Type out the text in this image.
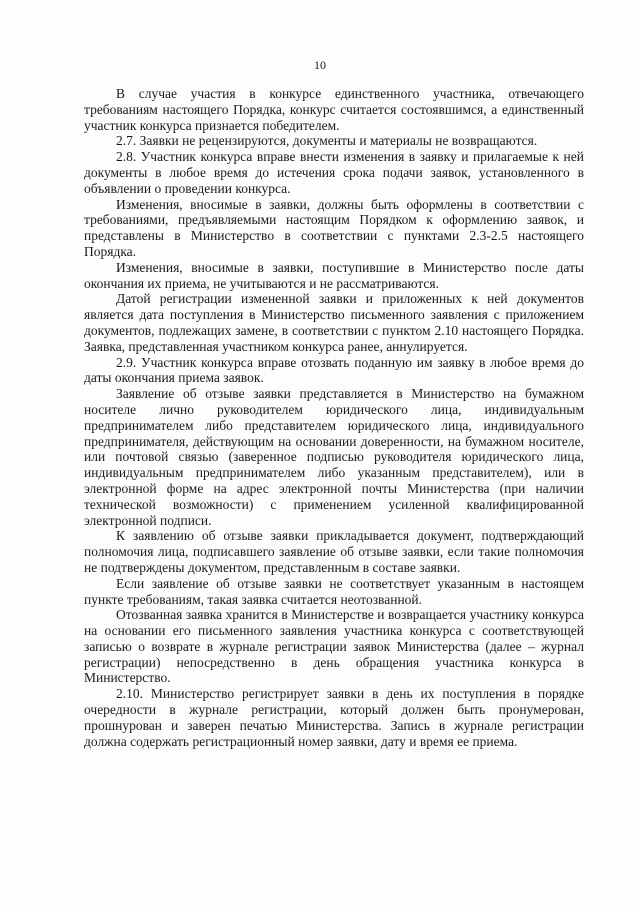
10

В случае участия в конкурсе единственного участника, отвечающего требованиям настоящего Порядка, конкурс считается состоявшимся, а единственный участник конкурса признается победителем.

2.7. Заявки не рецензируются, документы и материалы не возвращаются.

2.8. Участник конкурса вправе внести изменения в заявку и прилагаемые к ней документы в любое время до истечения срока подачи заявок, установленного в объявлении о проведении конкурса.

Изменения, вносимые в заявки, должны быть оформлены в соответствии с требованиями, предъявляемыми настоящим Порядком к оформлению заявок, и представлены в Министерство в соответствии с пунктами 2.3-2.5 настоящего Порядка.

Изменения, вносимые в заявки, поступившие в Министерство после даты окончания их приема, не учитываются и не рассматриваются.

Датой регистрации измененной заявки и приложенных к ней документов является дата поступления в Министерство письменного заявления с приложением документов, подлежащих замене, в соответствии с пунктом 2.10 настоящего Порядка. Заявка, представленная участником конкурса ранее, аннулируется.

2.9. Участник конкурса вправе отозвать поданную им заявку в любое время до даты окончания приема заявок.

Заявление об отзыве заявки представляется в Министерство на бумажном носителе лично руководителем юридического лица, индивидуальным предпринимателем либо представителем юридического лица, индивидуального предпринимателя, действующим на основании доверенности, на бумажном носителе, или почтовой связью (заверенное подписью руководителя юридического лица, индивидуальным предпринимателем либо указанным представителем), или в электронной форме на адрес электронной почты Министерства (при наличии технической возможности) с применением усиленной квалифицированной электронной подписи.

К заявлению об отзыве заявки прикладывается документ, подтверждающий полномочия лица, подписавшего заявление об отзыве заявки, если такие полномочия не подтверждены документом, представленным в составе заявки.

Если заявление об отзыве заявки не соответствует указанным в настоящем пункте требованиям, такая заявка считается неотозванной.

Отозванная заявка хранится в Министерстве и возвращается участнику конкурса на основании его письменного заявления участника конкурса с соответствующей записью о возврате в журнале регистрации заявок Министерства (далее – журнал регистрации) непосредственно в день обращения участника конкурса в Министерство.

2.10. Министерство регистрирует заявки в день их поступления в порядке очередности в журнале регистрации, который должен быть пронумерован, прошнурован и заверен печатью Министерства. Запись в журнале регистрации должна содержать регистрационный номер заявки, дату и время ее приема.
